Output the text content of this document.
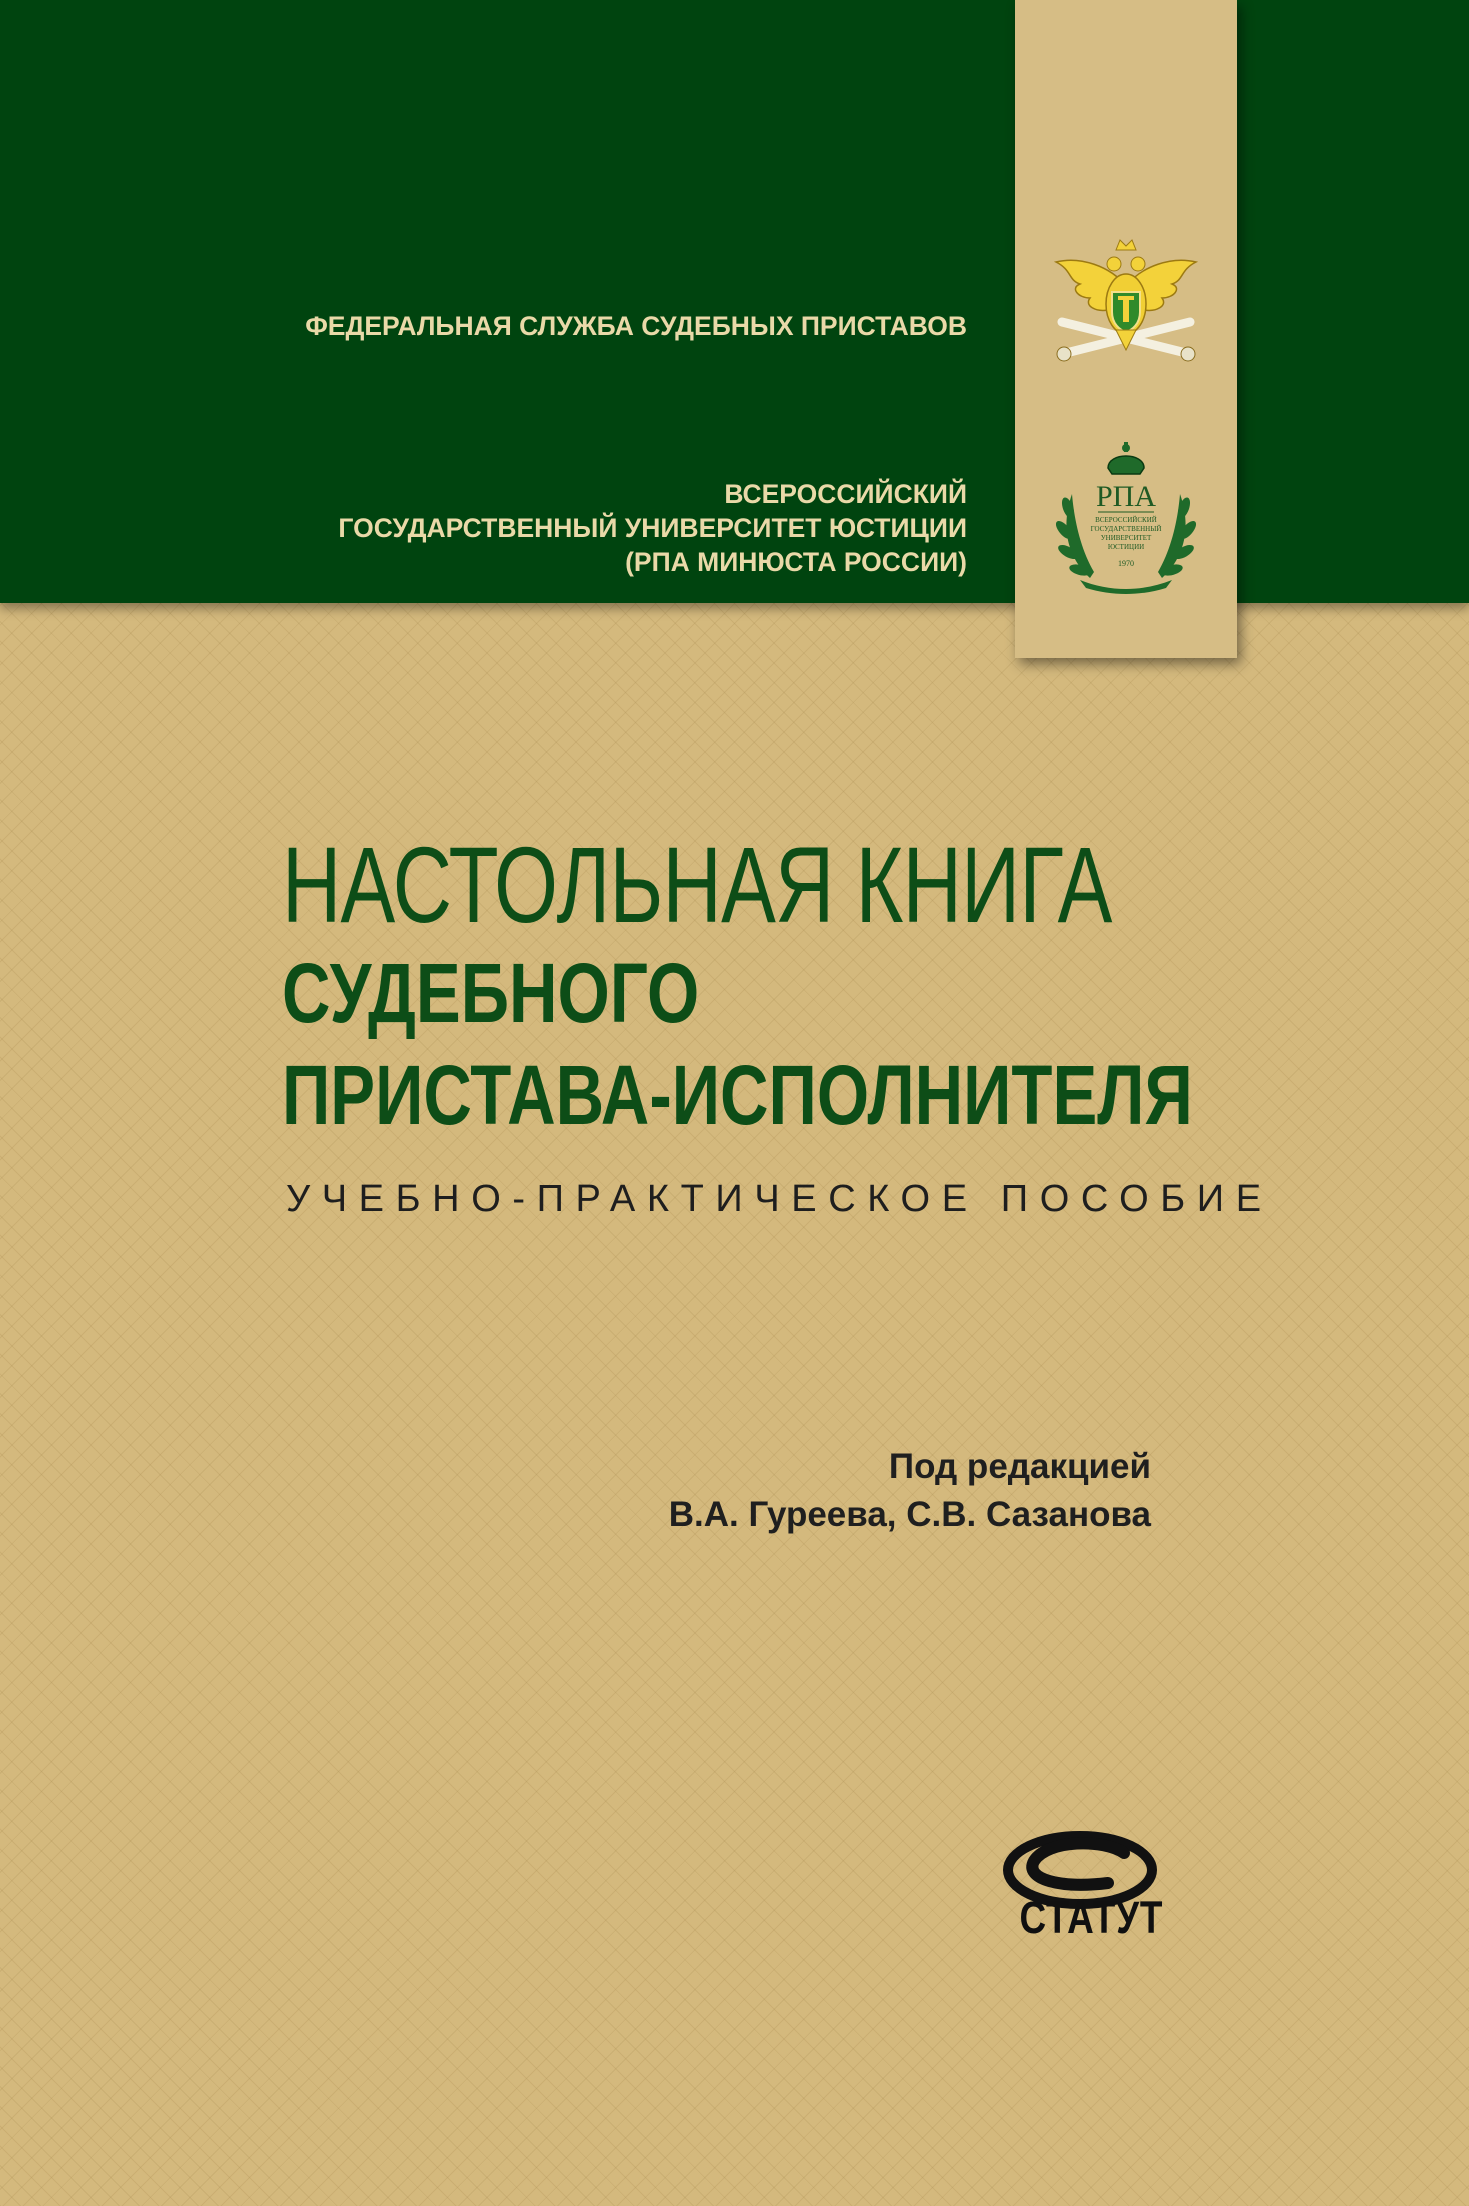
ФЕДЕРАЛЬНАЯ СЛУЖБА СУДЕБНЫХ ПРИСТАВОВ
ВСЕРОССИЙСКИЙ
ГОСУДАРСТВЕННЫЙ УНИВЕРСИТЕТ ЮСТИЦИИ
(РПА МИНЮСТА РОССИИ)
РПА
ВСЕРОССИЙСКИЙ
ГОСУДАРСТВЕННЫЙ
УНИВЕРСИТЕТ
ЮСТИЦИИ
1970
НАСТОЛЬНАЯ КНИГА
СУДЕБНОГО
ПРИСТАВА-ИСПОЛНИТЕЛЯ
УЧЕБНО-ПРАКТИЧЕСКОЕ ПОСОБИЕ
Под редакцией
В.А. Гуреева, С.В. Сазанова
СТАТУТ
